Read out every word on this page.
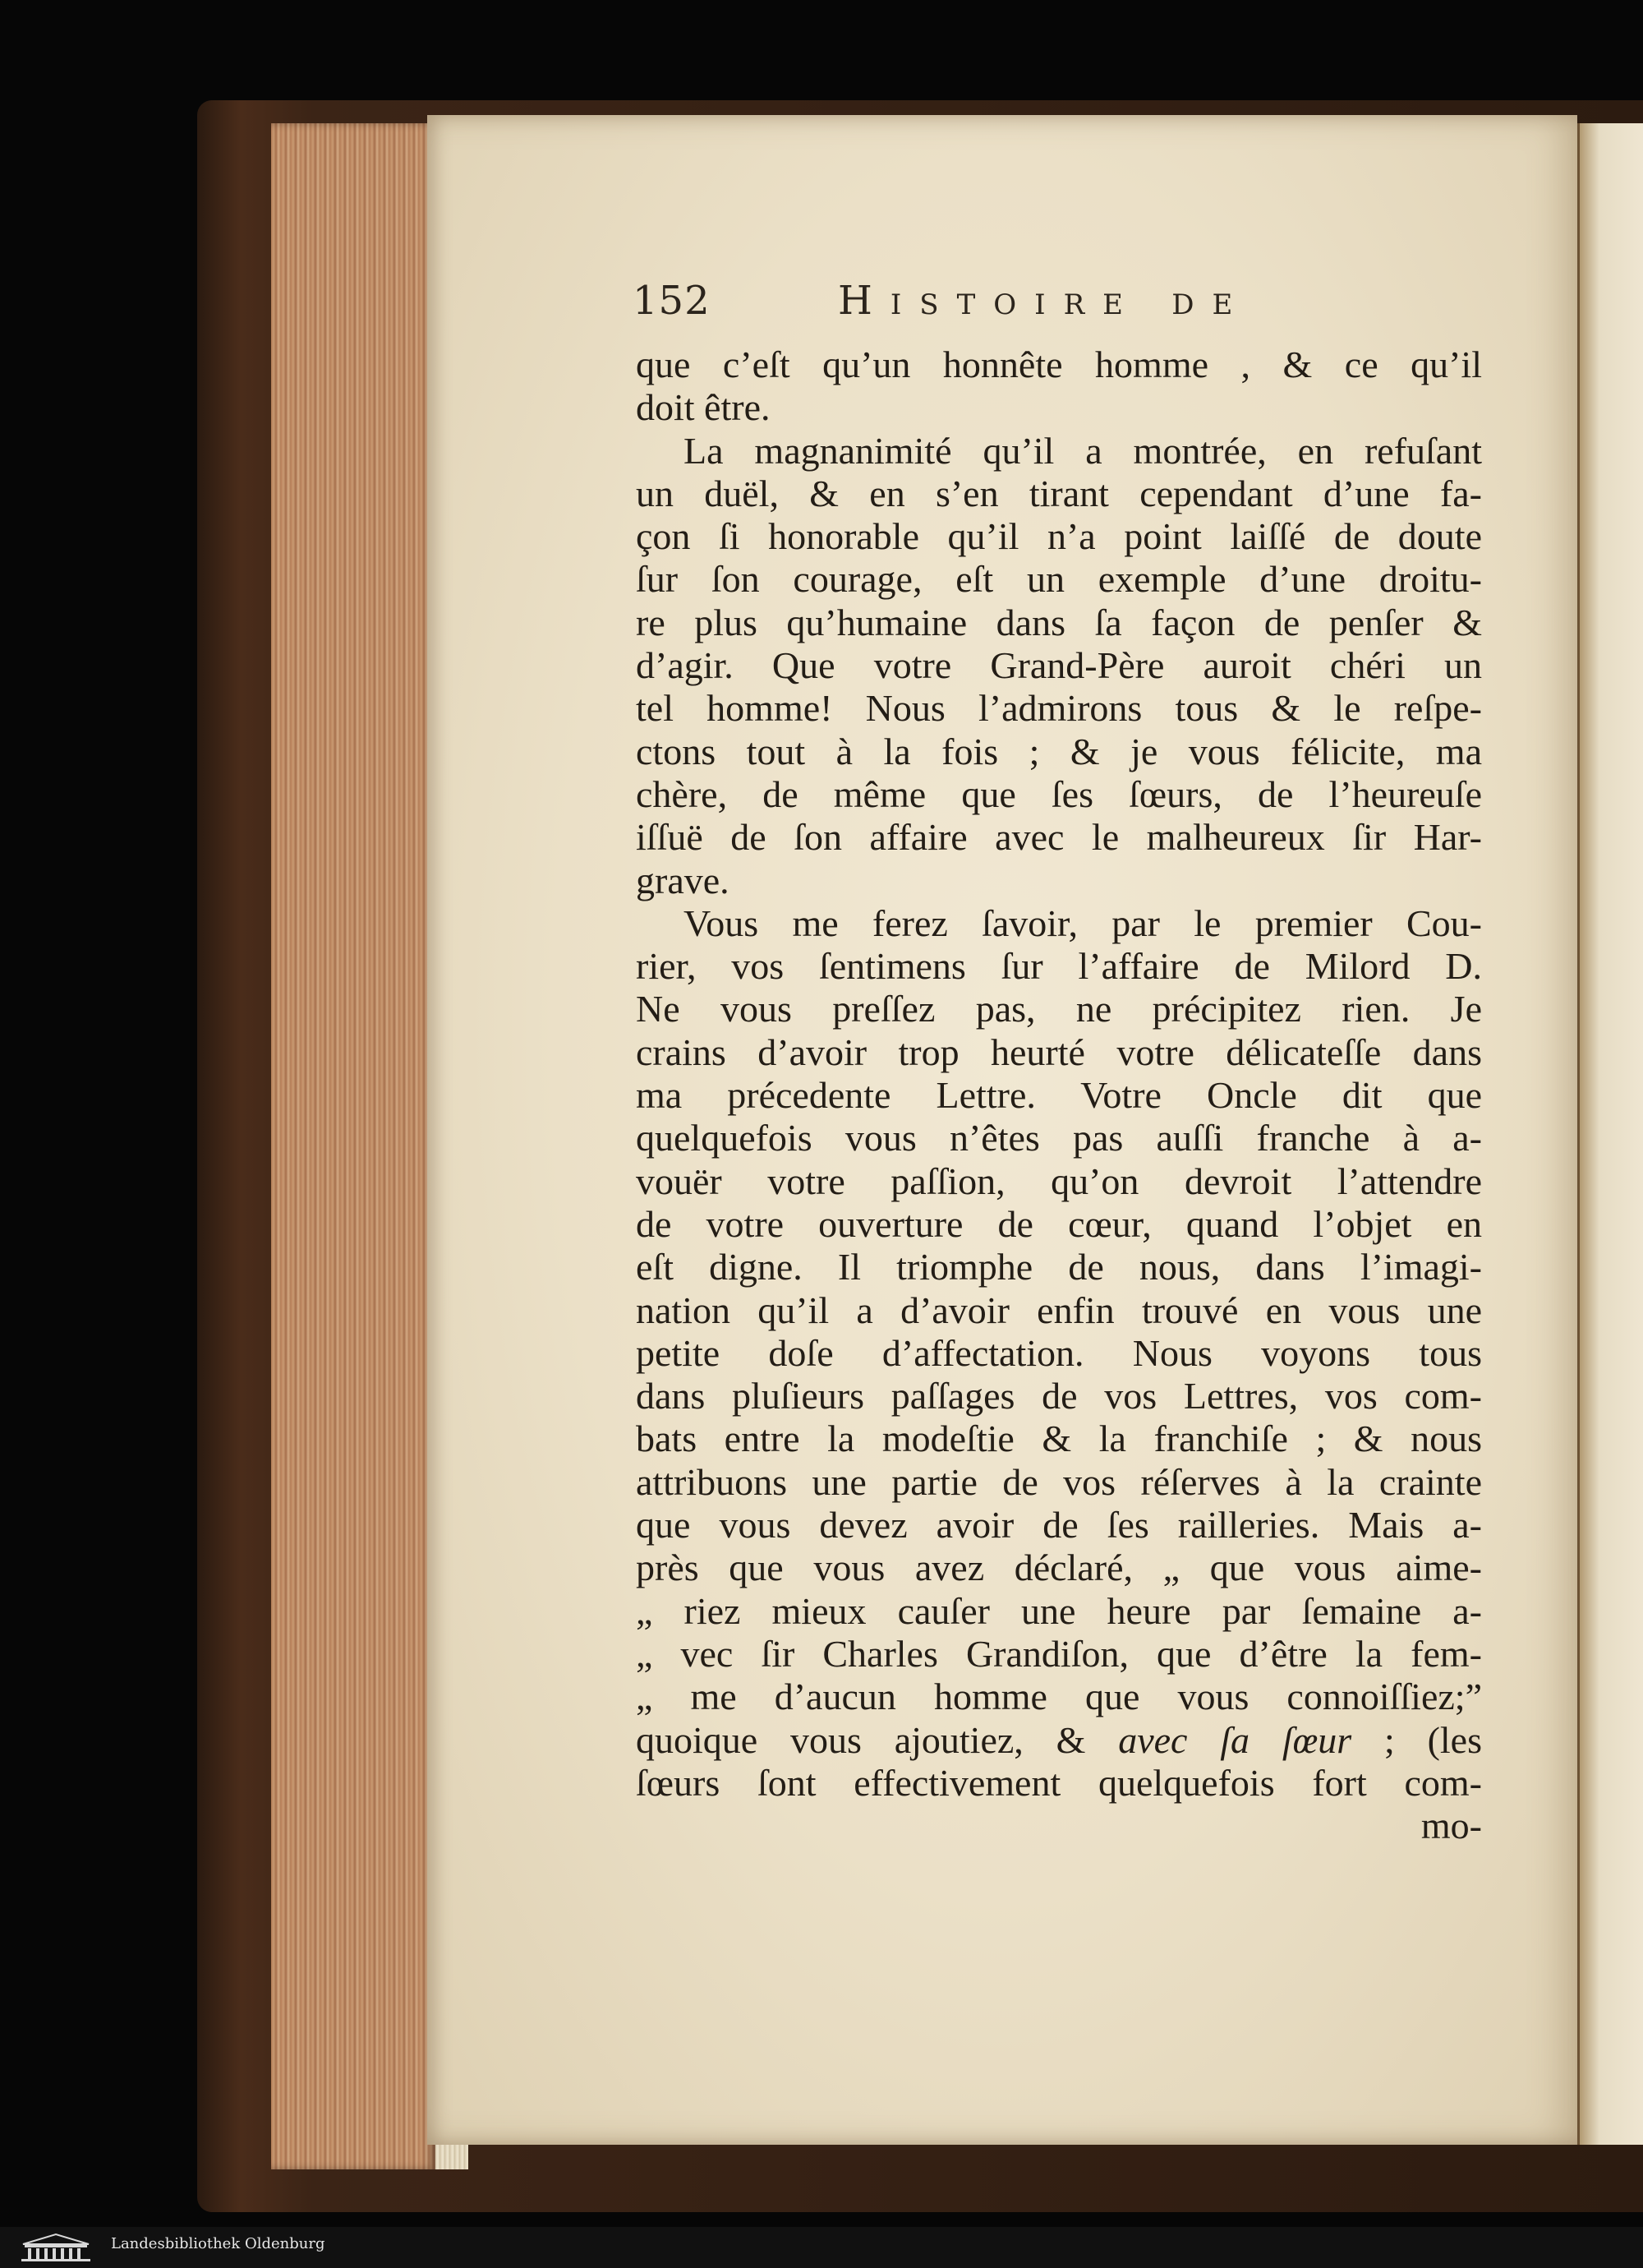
152	Histoire de
que c’eſt qu’un honnête homme , & ce qu’il
doit être.
La magnanimité qu’il a montrée, en refuſant
un duël, & en s’en tirant cependant d’une fa-
çon ſi honorable qu’il n’a point laiſſé de doute
ſur ſon courage, eſt un exemple d’une droitu-
re plus qu’humaine dans ſa façon de penſer &
d’agir. Que votre Grand-Père auroit chéri un
tel homme! Nous l’admirons tous & le reſpe-
ctons tout à la fois ; & je vous félicite, ma
chère, de même que ſes ſœurs, de l’heureuſe
iſſuë de ſon affaire avec le malheureux ſir Har-
grave.
Vous me ferez ſavoir, par le premier Cou-
rier, vos ſentimens ſur l’affaire de Milord D.
Ne vous preſſez pas, ne précipitez rien. Je
crains d’avoir trop heurté votre délicateſſe dans
ma précedente Lettre. Votre Oncle dit que
quelquefois vous n’êtes pas auſſi franche à a-
vouër votre paſſion, qu’on devroit l’attendre
de votre ouverture de cœur, quand l’objet en
eſt digne. Il triomphe de nous, dans l’imagi-
nation qu’il a d’avoir enfin trouvé en vous une
petite doſe d’affectation. Nous voyons tous
dans pluſieurs paſſages de vos Lettres, vos com-
bats entre la modeſtie & la franchiſe ; & nous
attribuons une partie de vos réſerves à la crainte
que vous devez avoir de ſes railleries. Mais a-
près que vous avez déclaré, „ que vous aime-
„ riez mieux cauſer une heure par ſemaine a-
„ vec ſir Charles Grandiſon, que d’être la fem-
„ me d’aucun homme que vous connoiſſiez;”
quoique vous ajoutiez, & avec ſa ſœur ; (les
ſœurs ſont effectivement quelquefois fort com-
mo-
Landesbibliothek Oldenburg
